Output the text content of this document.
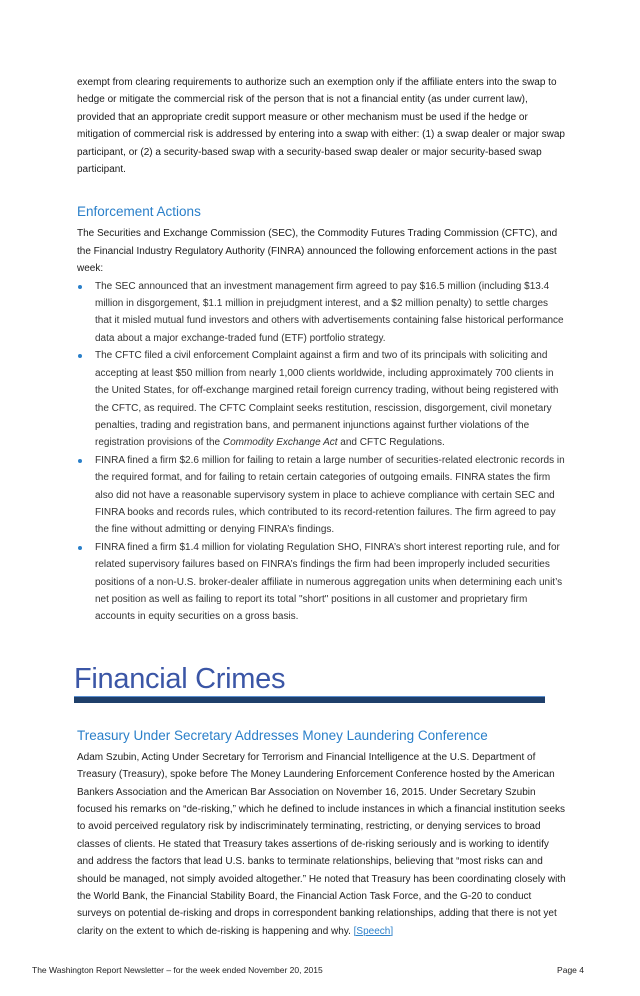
exempt from clearing requirements to authorize such an exemption only if the affiliate enters into the swap to hedge or mitigate the commercial risk of the person that is not a financial entity (as under current law), provided that an appropriate credit support measure or other mechanism must be used if the hedge or mitigation of commercial risk is addressed by entering into a swap with either: (1) a swap dealer or major swap participant, or (2) a security-based swap with a security-based swap dealer or major security-based swap participant.

Enforcement Actions

The Securities and Exchange Commission (SEC), the Commodity Futures Trading Commission (CFTC), and the Financial Industry Regulatory Authority (FINRA) announced the following enforcement actions in the past week:

The SEC announced that an investment management firm agreed to pay $16.5 million (including $13.4 million in disgorgement, $1.1 million in prejudgment interest, and a $2 million penalty) to settle charges that it misled mutual fund investors and others with advertisements containing false historical performance data about a major exchange-traded fund (ETF) portfolio strategy.
The CFTC filed a civil enforcement Complaint against a firm and two of its principals with soliciting and accepting at least $50 million from nearly 1,000 clients worldwide, including approximately 700 clients in the United States, for off-exchange margined retail foreign currency trading, without being registered with the CFTC, as required. The CFTC Complaint seeks restitution, rescission, disgorgement, civil monetary penalties, trading and registration bans, and permanent injunctions against further violations of the registration provisions of the Commodity Exchange Act and CFTC Regulations.
FINRA fined a firm $2.6 million for failing to retain a large number of securities-related electronic records in the required format, and for failing to retain certain categories of outgoing emails. FINRA states the firm also did not have a reasonable supervisory system in place to achieve compliance with certain SEC and FINRA books and records rules, which contributed to its record-retention failures. The firm agreed to pay the fine without admitting or denying FINRA’s findings.
FINRA fined a firm $1.4 million for violating Regulation SHO, FINRA’s short interest reporting rule, and for related supervisory failures based on FINRA’s findings the firm had been improperly included securities positions of a non-U.S. broker-dealer affiliate in numerous aggregation units when determining each unit’s net position as well as failing to report its total "short" positions in all customer and proprietary firm accounts in equity securities on a gross basis.
Financial Crimes
Treasury Under Secretary Addresses Money Laundering Conference

Adam Szubin, Acting Under Secretary for Terrorism and Financial Intelligence at the U.S. Department of Treasury (Treasury), spoke before The Money Laundering Enforcement Conference hosted by the American Bankers Association and the American Bar Association on November 16, 2015. Under Secretary Szubin focused his remarks on “de-risking,” which he defined to include instances in which a financial institution seeks to avoid perceived regulatory risk by indiscriminately terminating, restricting, or denying services to broad classes of clients. He stated that Treasury takes assertions of de-risking seriously and is working to identify and address the factors that lead U.S. banks to terminate relationships, believing that “most risks can and should be managed, not simply avoided altogether.” He noted that Treasury has been coordinating closely with the World Bank, the Financial Stability Board, the Financial Action Task Force, and the G-20 to conduct surveys on potential de-risking and drops in correspondent banking relationships, adding that there is not yet clarity on the extent to which de-risking is happening and why. [Speech]

The Washington Report Newsletter – for the week ended November 20, 2015	Page 4
